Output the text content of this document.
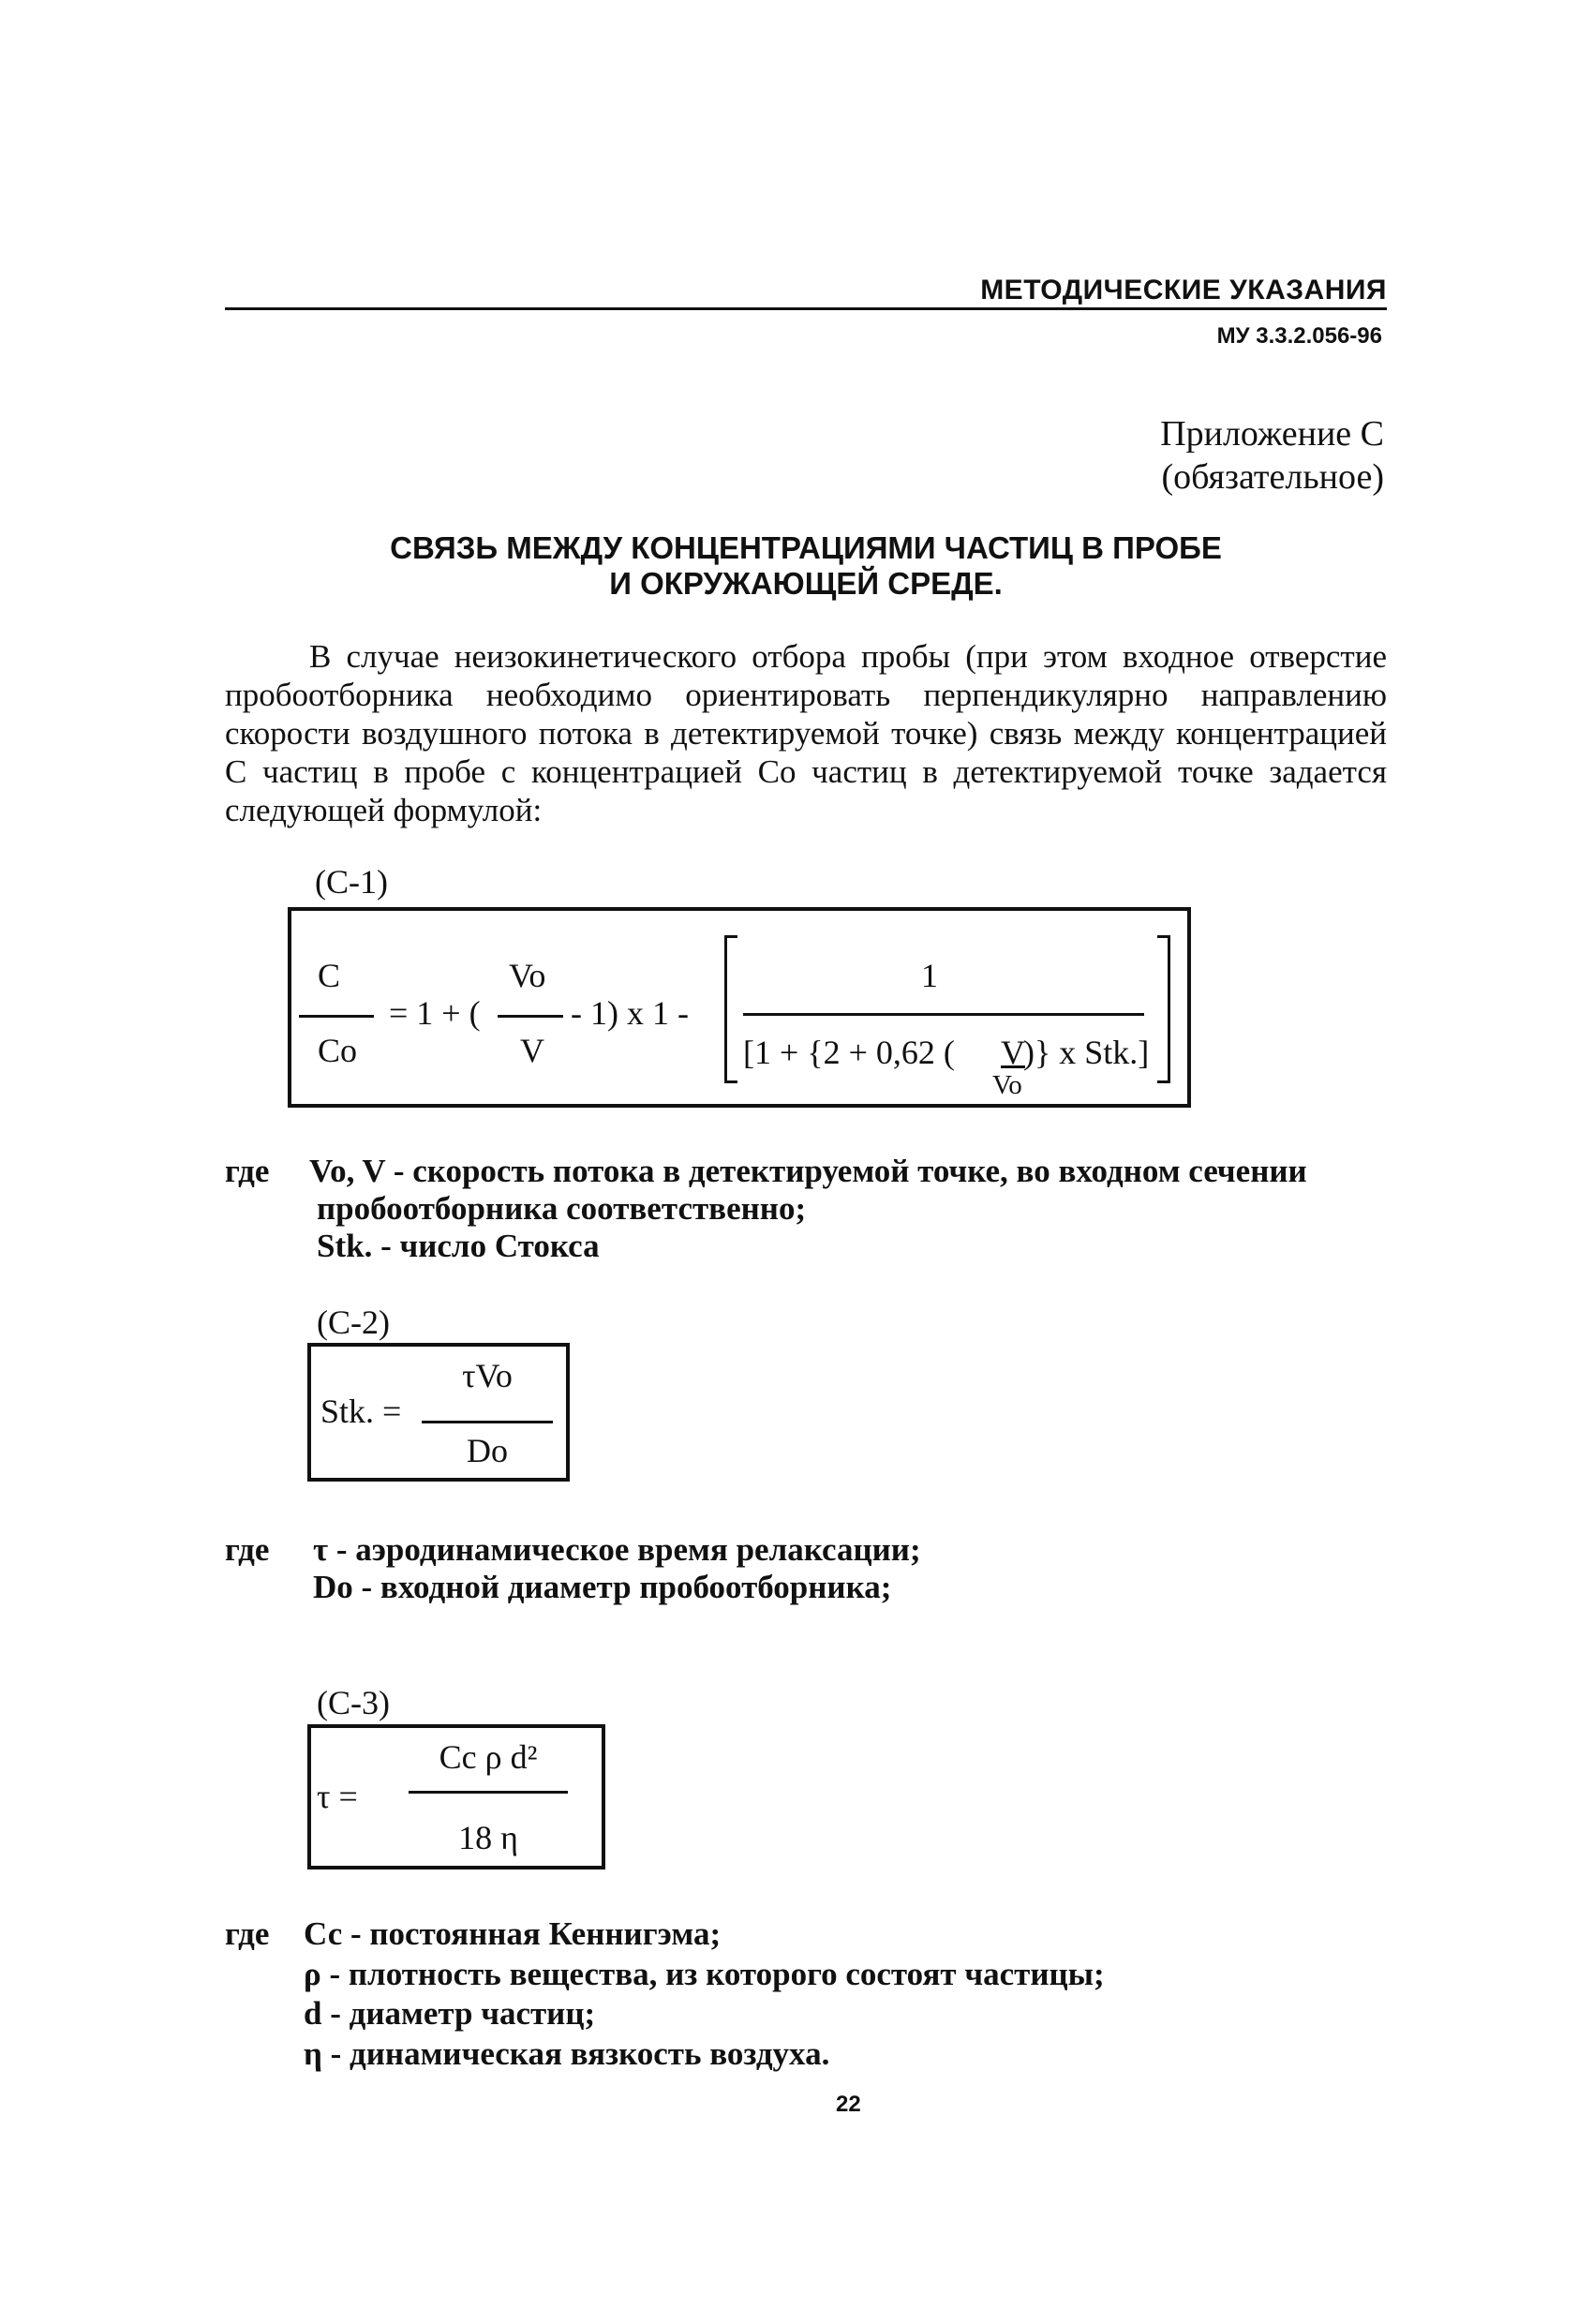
МЕТОДИЧЕСКИЕ УКАЗАНИЯ
МУ 3.3.2.056-96
Приложение С
(обязательное)
СВЯЗЬ МЕЖДУ КОНЦЕНТРАЦИЯМИ ЧАСТИЦ В ПРОБЕ
И ОКРУЖАЮЩЕЙ СРЕДЕ.
В случае неизокинетического отбора пробы (при этом входное отверстие пробоотборника необходимо ориентировать перпендикулярно направлению скорости воздушного потока в детектируемой точке) связь между концентрацией С частиц в пробе с концентрацией Со частиц в детектируемой точке задается следующей формулой:
(С-1)
С
Со
= 1 + (
Vo
V
- 1) x 1 -
1
[1 + {2 + 0,62 ( V
)} x Stk.]
Vo
где Vo, V - скорость потока в детектируемой точке, во входном сечении
пробоотборника соответственно;
Stk. - число Стокса
(С-2)
Stk. =
τVo
Do
где τ - аэродинамическое время релаксации;
Do - входной диаметр пробоотборника;
(С-3)
τ =
Cc ρ d²
18 η
где Сс - постоянная Кеннигэма;
ρ - плотность вещества, из которого состоят частицы;
d - диаметр частиц;
η - динамическая вязкость воздуха.
22
